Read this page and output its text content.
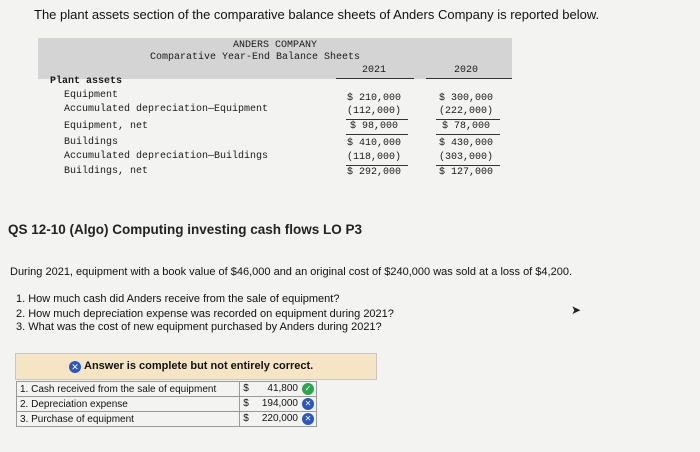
The plant assets section of the comparative balance sheets of Anders Company is reported below.
ANDERS COMPANY
Comparative Year-End Balance Sheets
2021	2020
Plant assets
Equipment	$ 210,000	$ 300,000
Accumulated depreciation—Equipment	(112,000)	(222,000)
Equipment, net	$ 98,000	$ 78,000
Buildings	$ 410,000	$ 430,000
Accumulated depreciation—Buildings	(118,000)	(303,000)
Buildings, net	$ 292,000	$ 127,000
QS 12-10 (Algo) Computing investing cash flows LO P3
During 2021, equipment with a book value of $46,000 and an original cost of $240,000 was sold at a loss of $4,200.
1. How much cash did Anders receive from the sale of equipment?
2. How much depreciation expense was recorded on equipment during 2021?
3. What was the cost of new equipment purchased by Anders during 2021?
➤
✕ Answer is complete but not entirely correct.
1. Cash received from the sale of equipment	$ 41,800 ✓

2. Depreciation expense	$ 194,000 ✕

3. Purchase of equipment	$ 220,000 ✕
